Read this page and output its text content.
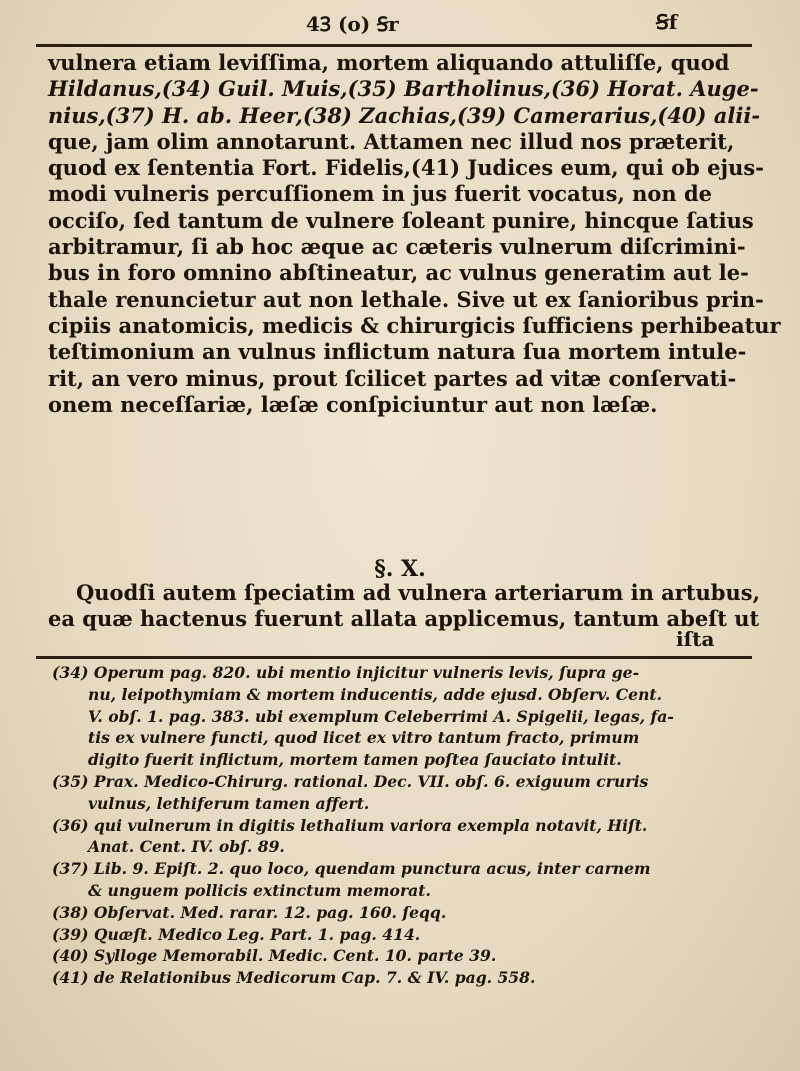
4Ꝫ (o) Ꞩr	Ꞩf

vulnera etiam leviſſima, mortem aliquando attuliſſe, quod

Hildanus,(34) Guil. Muis,(35) Bartholinus,(36) Horat. Auge-

nius,(37) H. ab. Heer,(38) Zachias,(39) Camerarius,(40) alii-

que, jam olim annotarunt. Attamen nec illud nos præterit,

quod ex ſententia Fort. Fidelis,(41) Judices eum, qui ob ejus-

modi vulneris percuſſionem in jus fuerit vocatus, non de

occiſo, ſed tantum de vulnere ſoleant punire, hincque ſatius

arbitramur, ſi ab hoc æque ac cæteris vulnerum diſcrimini-

bus in foro omnino abſtineatur, ac vulnus generatim aut le-

thale renuncietur aut non lethale. Sive ut ex ſanioribus prin-

cipiis anatomicis, medicis & chirurgicis ſufficiens perhibeatur

teſtimonium an vulnus inflictum natura ſua mortem intule-

rit, an vero minus, prout ſcilicet partes ad vitæ conſervati-

onem neceſſariæ, læſæ conſpiciuntur aut non læſæ.

§. X.

Quodſi autem ſpeciatim ad vulnera arteriarum in artubus,

ea quæ hactenus fuerunt allata applicemus, tantum abeſt ut

iſta

(34) Operum pag. 820. ubi mentio injicitur vulneris levis, ſupra ge-

nu, leipothymiam & mortem inducentis, adde ejusd. Obſerv. Cent.

V. obſ. 1. pag. 383. ubi exemplum Celeberrimi A. Spigelii, legas, fa-

tis ex vulnere functi, quod licet ex vitro tantum fracto, primum

digito fuerit inflictum, mortem tamen poſtea ſauciato intulit.

(35) Prax. Medico-Chirurg. rational. Dec. VII. obſ. 6. exiguum cruris

vulnus, lethiferum tamen affert.

(36) qui vulnerum in digitis lethalium variora exempla notavit, Hiſt.

Anat. Cent. IV. obſ. 89.

(37) Lib. 9. Epiſt. 2. quo loco, quendam punctura acus, inter carnem

& unguem pollicis extinctum memorat.

(38) Obſervat. Med. rarar. 12. pag. 160. ſeqq.

(39) Quæſt. Medico Leg. Part. 1. pag. 414.

(40) Sylloge Memorabil. Medic. Cent. 10. parte 39.

(41) de Relationibus Medicorum Cap. 7. & IV. pag. 558.
